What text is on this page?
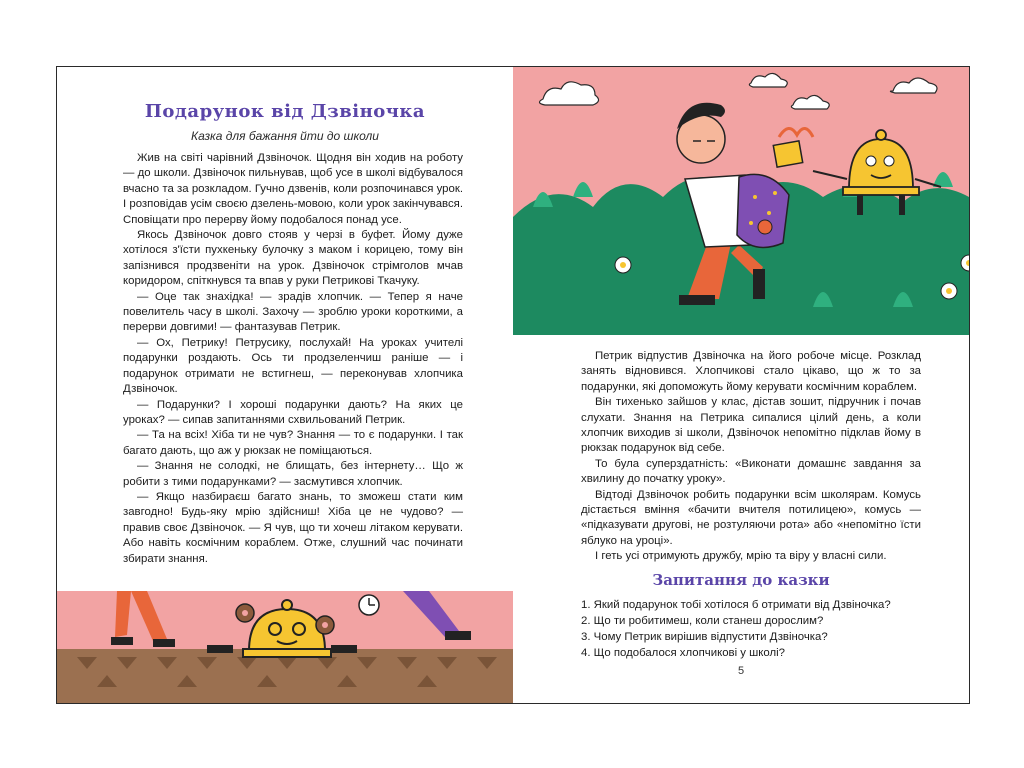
Подарунок від Дзвіночка
Казка для бажання йти до школи

Жив на світі чарівний Дзвіночок. Щодня він ходив на роботу — до школи. Дзвіночок пильнував, щоб усе в школі відбувалося вчасно та за розкладом. Гучно дзвенів, коли розпочинався урок. І розповідав усім своєю дзелень-мовою, коли урок закінчувався. Сповіщати про перерву йому подобалося понад усе.

Якось Дзвіночок довго стояв у черзі в буфет. Йому дуже хотілося з'їсти пухкеньку булочку з маком і корицею, тому він запізнився продзвеніти на урок. Дзвіночок стрімголов мчав коридором, спіткнувся та впав у руки Петрикові Ткачуку.

— Оце так знахідка! — зрадів хлопчик. — Тепер я наче повелитель часу в школі. Захочу — зроблю уроки короткими, а перерви довгими! — фантазував Петрик.

— Ох, Петрику! Петрусику, послухай! На уроках учителі подарунки роздають. Ось ти продзеленчиш раніше — і подарунок отримати не встигнеш, — переконував хлопчика Дзвіночок.

— Подарунки? І хороші подарунки дають? На яких це уроках? — сипав запитаннями схвильований Петрик.

— Та на всіх! Хіба ти не чув? Знання — то є подарунки. І так багато дають, що аж у рюкзак не поміщаються.

— Знання не солодкі, не блищать, без інтернету… Що ж робити з тими подарунками? — засмутився хлопчик.

— Якщо назбираєш багато знань, то зможеш стати ким завгодно! Будь-яку мрію здійсниш! Хіба це не чудово? — правив своє Дзвіночок. — Я чув, що ти хочеш літаком керувати. Або навіть космічним кораблем. Отже, слушний час починати збирати знання.

Петрик відпустив Дзвіночка на його робоче місце. Розклад занять відновився. Хлопчикові стало цікаво, що ж то за подарунки, які допоможуть йому керувати космічним кораблем.

Він тихенько зайшов у клас, дістав зошит, підручник і почав слухати. Знання на Петрика сипалися цілий день, а коли хлопчик виходив зі школи, Дзвіночок непомітно підклав йому в рюкзак подарунок від себе.

То була суперздатність: «Виконати домашнє завдання за хвилину до початку уроку».

Відтоді Дзвіночок робить подарунки всім школярам. Комусь дістається вміння «бачити вчителя потилицею», комусь — «підказувати другові, не розтуляючи рота» або «непомітно їсти яблуко на уроці».

І геть усі отримують дружбу, мрію та віру у власні сили.

Запитання до казки
1. Який подарунок тобі хотілося б отримати від Дзвіночка?
2. Що ти робитимеш, коли станеш дорослим?
3. Чому Петрик вирішив відпустити Дзвіночка?
4. Що подобалося хлопчикові у школі?
5
